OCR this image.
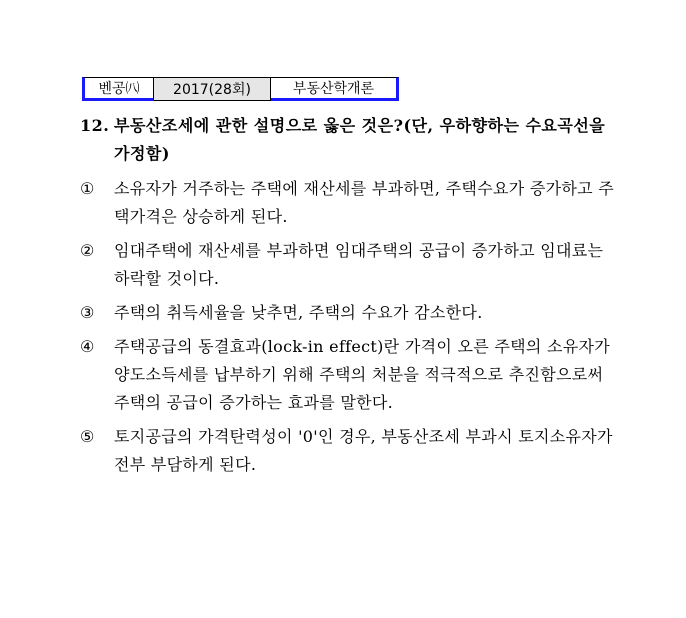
벤공㈧	2017(28회)	부동산학개론
12. 부동산조세에 관한 설명으로 옳은 것은?(단, 우하향하는 수요곡선을 가정함)
①	소유자가 거주하는 주택에 재산세를 부과하면, 주택수요가 증가하고 주택가격은 상승하게 된다.
②	임대주택에 재산세를 부과하면 임대주택의 공급이 증가하고 임대료는 하락할 것이다.
③	주택의 취득세율을 낮추면, 주택의 수요가 감소한다.
④	주택공급의 동결효과(lock-in effect)란 가격이 오른 주택의 소유자가 양도소득세를 납부하기 위해 주택의 처분을 적극적으로 추진함으로써 주택의 공급이 증가하는 효과를 말한다.
⑤	토지공급의 가격탄력성이 '0'인 경우, 부동산조세 부과시 토지소유자가 전부 부담하게 된다.
